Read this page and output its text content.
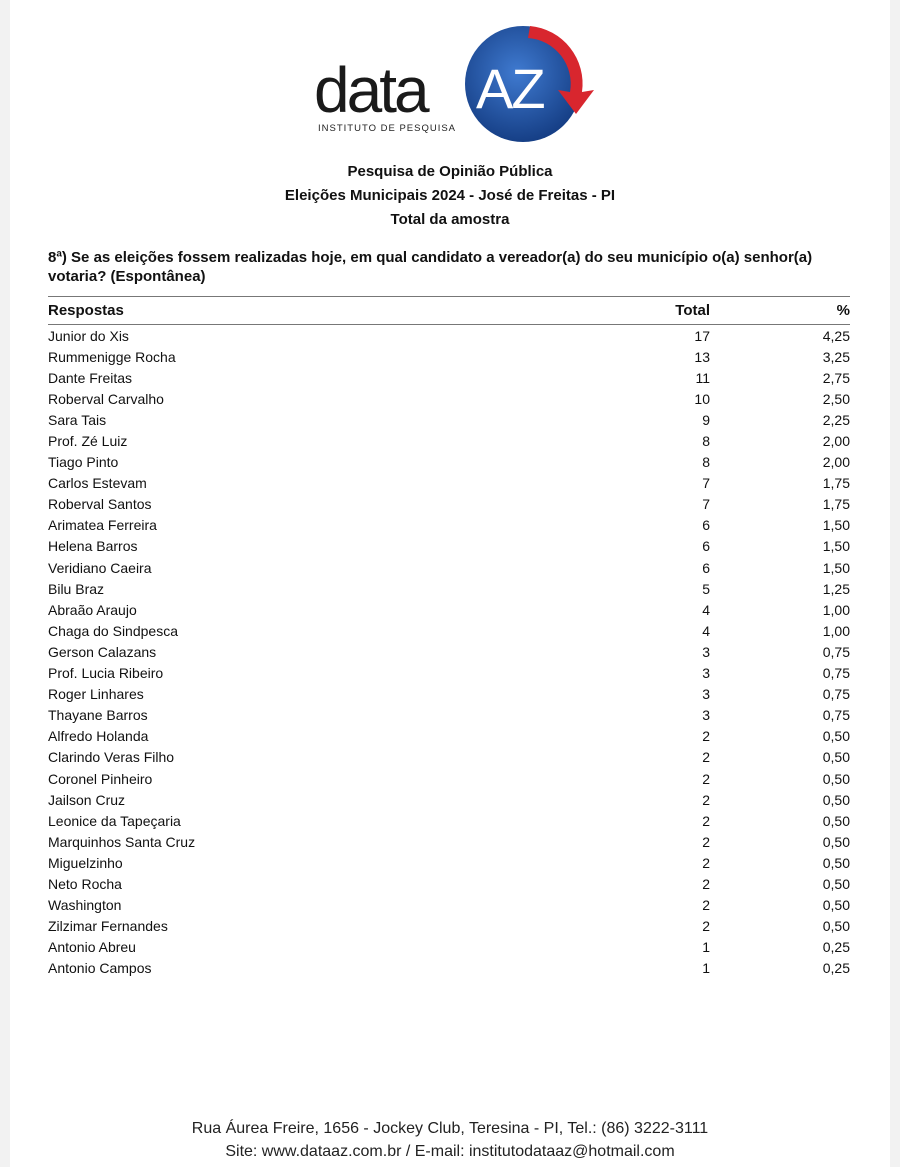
data AZ
INSTITUTO DE PESQUISA
Pesquisa de Opinião Pública
Eleições Municipais 2024 - José de Freitas - PI
Total da amostra
8ª) Se as eleições fossem realizadas hoje, em qual candidato a vereador(a) do seu município o(a) senhor(a) votaria? (Espontânea)
Respostas	Total	%
Junior do Xis	17	4,25
Rummenigge Rocha	13	3,25
Dante Freitas	11	2,75
Roberval Carvalho	10	2,50
Sara Tais	9	2,25
Prof. Zé Luiz	8	2,00
Tiago Pinto	8	2,00
Carlos Estevam	7	1,75
Roberval Santos	7	1,75
Arimatea Ferreira	6	1,50
Helena Barros	6	1,50
Veridiano Caeira	6	1,50
Bilu Braz	5	1,25
Abraão Araujo	4	1,00
Chaga do Sindpesca	4	1,00
Gerson Calazans	3	0,75
Prof. Lucia Ribeiro	3	0,75
Roger Linhares	3	0,75
Thayane Barros	3	0,75
Alfredo Holanda	2	0,50
Clarindo Veras Filho	2	0,50
Coronel Pinheiro	2	0,50
Jailson Cruz	2	0,50
Leonice da Tapeçaria	2	0,50
Marquinhos Santa Cruz	2	0,50
Miguelzinho	2	0,50
Neto Rocha	2	0,50
Washington	2	0,50
Zilzimar Fernandes	2	0,50
Antonio Abreu	1	0,25
Antonio Campos	1	0,25
Rua Áurea Freire, 1656 - Jockey Club, Teresina - PI, Tel.: (86) 3222-3111
Site: www.dataaz.com.br / E-mail: institutodataaz@hotmail.com
